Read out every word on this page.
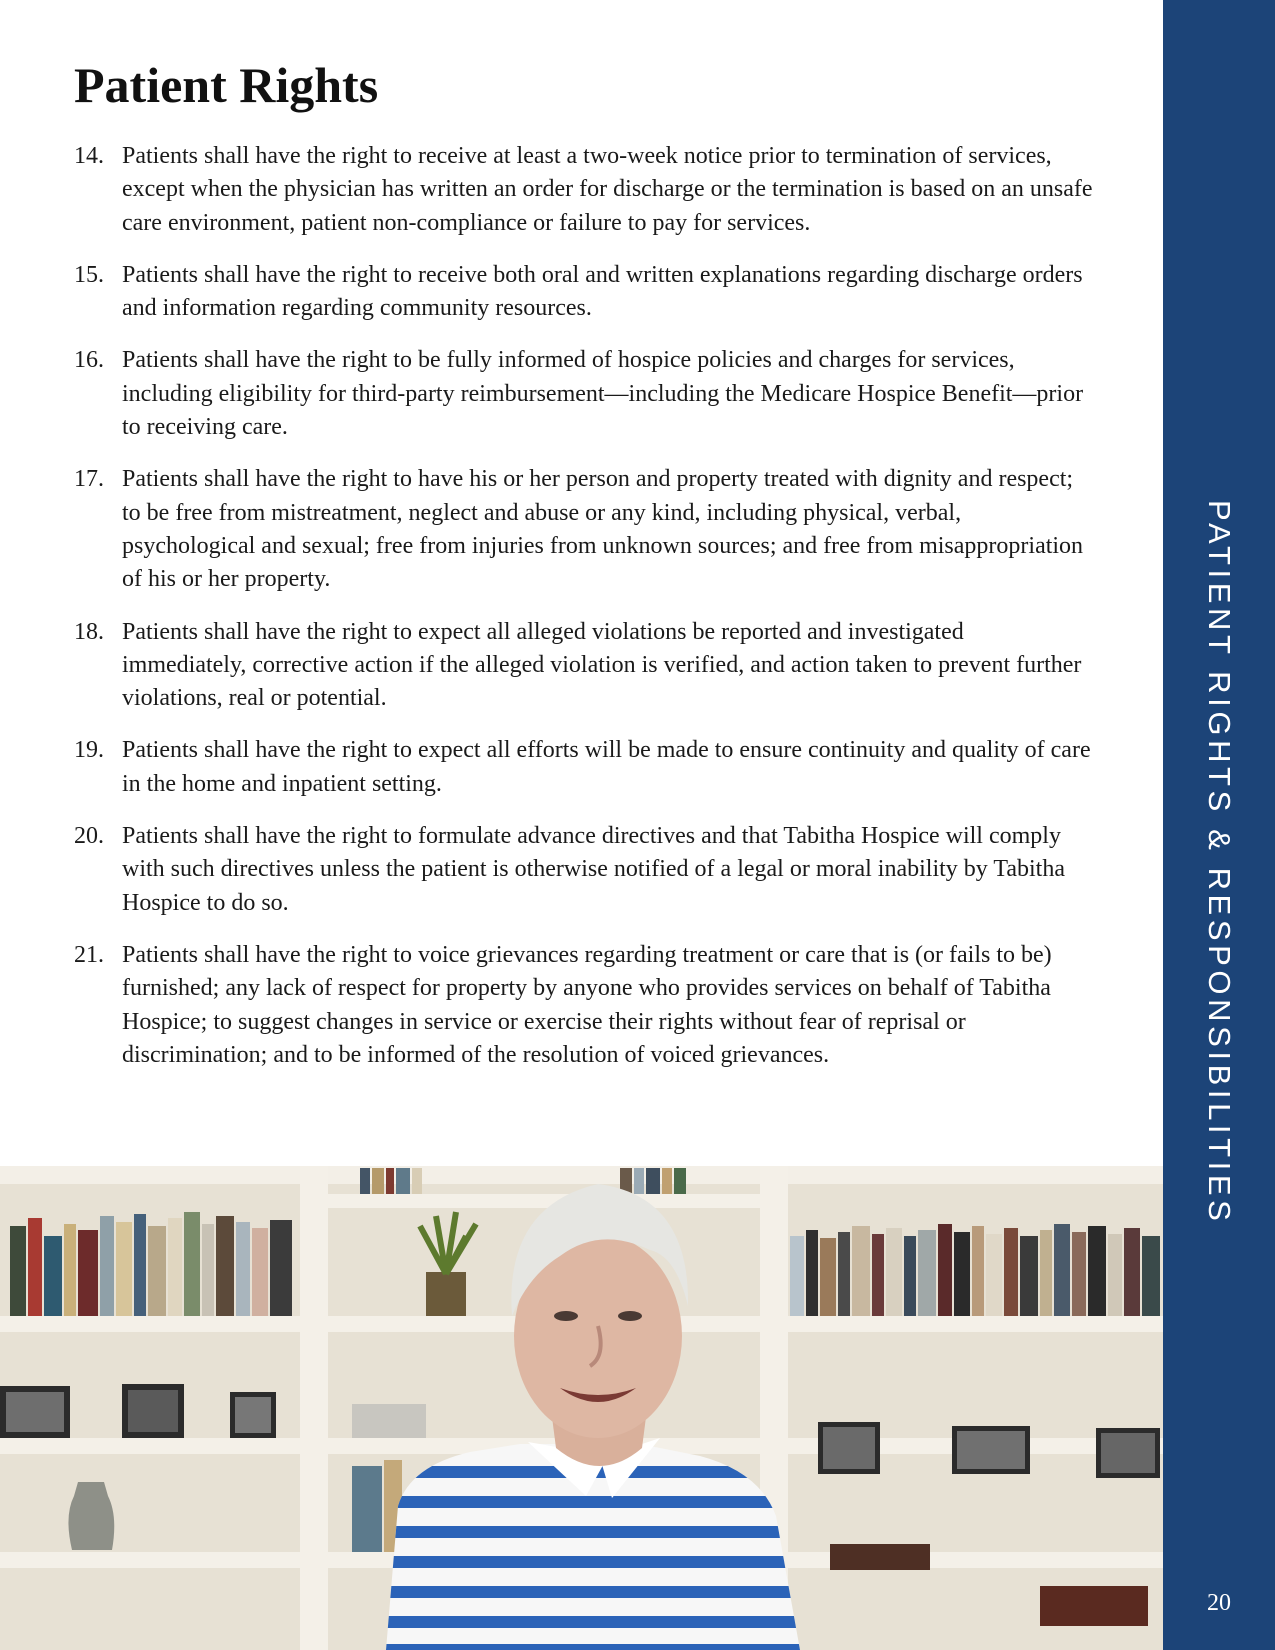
Patient Rights
14. Patients shall have the right to receive at least a two-week notice prior to termination of services, except when the physician has written an order for discharge or the termination is based on an unsafe care environment, patient non-compliance or failure to pay for services.
15. Patients shall have the right to receive both oral and written explanations regarding discharge orders and information regarding community resources.
16. Patients shall have the right to be fully informed of hospice policies and charges for services, including eligibility for third-party reimbursement—including the Medicare Hospice Benefit—prior to receiving care.
17. Patients shall have the right to have his or her person and property treated with dignity and respect; to be free from mistreatment, neglect and abuse or any kind, including physical, verbal, psychological and sexual; free from injuries from unknown sources; and free from misappropriation of his or her property.
18. Patients shall have the right to expect all alleged violations be reported and investigated immediately, corrective action if the alleged violation is verified, and action taken to prevent further violations, real or potential.
19. Patients shall have the right to expect all efforts will be made to ensure continuity and quality of care in the home and inpatient setting.
20. Patients shall have the right to formulate advance directives and that Tabitha Hospice will comply with such directives unless the patient is otherwise notified of a legal or moral inability by Tabitha Hospice to do so.
21. Patients shall have the right to voice grievances regarding treatment or care that is (or fails to be) furnished; any lack of respect for property by anyone who provides services on behalf of Tabitha Hospice; to suggest changes in service or exercise their rights without fear of reprisal or discrimination; and to be informed of the resolution of voiced grievances.	PATIENT RIGHTS & RESPONSIBILITIES
20
